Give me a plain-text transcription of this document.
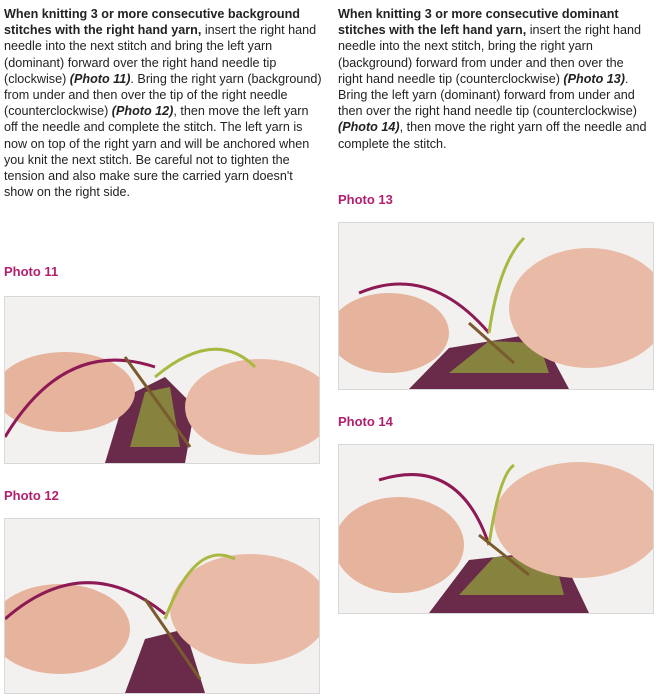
When knitting 3 or more consecutive background stitches with the right hand yarn, insert the right hand needle into the next stitch and bring the left yarn (dominant) forward over the right hand needle tip (clockwise) (Photo 11). Bring the right yarn (background) from under and then over the tip of the right needle (counterclockwise) (Photo 12), then move the left yarn off the needle and complete the stitch. The left yarn is now on top of the right yarn and will be anchored when you knit the next stitch. Be careful not to tighten the tension and also make sure the carried yarn doesn't show on the right side.

Photo 11
Photo 12

When knitting 3 or more consecutive dominant stitches with the left hand yarn, insert the right hand needle into the next stitch, bring the right yarn (background) forward from under and then over the right hand needle tip (counterclockwise) (Photo 13). Bring the left yarn (dominant) forward from under and then over the right hand needle tip (counterclockwise) (Photo 14), then move the right yarn off the needle and complete the stitch.

Photo 13
Photo 14
